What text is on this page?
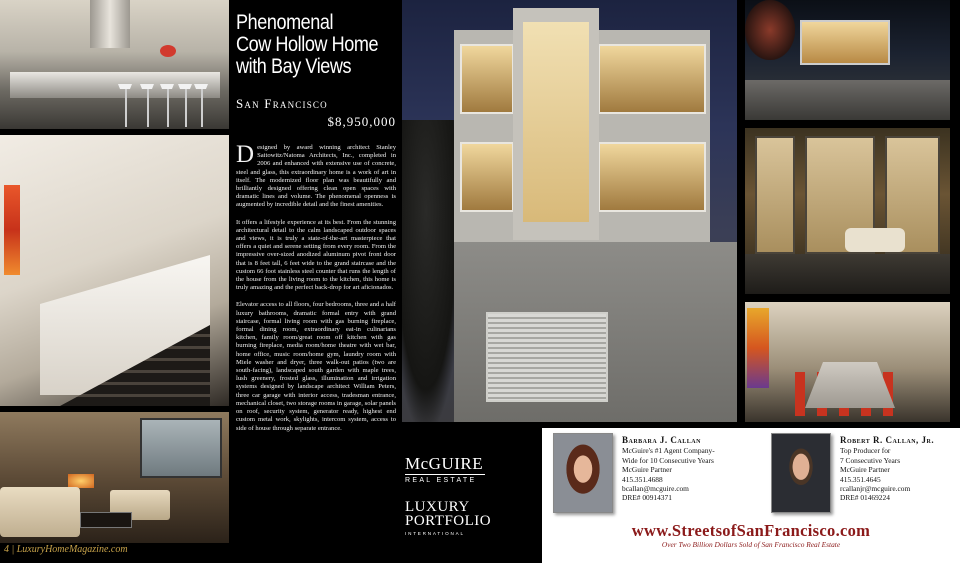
4 | LuxuryHomeMagazine.com
Phenomenal
Cow Hollow Home
with Bay Views
San Francisco
$8,950,000

Designed by award winning architect Stanley Saitowitz/Natoma Architects, Inc., completed in 2006 and enhanced with extensive use of concrete, steel and glass, this extraordinary home is a work of art in itself. The modernized floor plan was beautifully and brilliantly designed offering clean open spaces with dramatic lines and volume. The phenomenal openness is augmented by incredible detail and the finest amenities.

It offers a lifestyle experience at its best. From the stunning architectural detail to the calm landscaped outdoor spaces and views, it is truly a state-of-the-art masterpiece that offers a quiet and serene setting from every room. From the impressive over-sized anodized aluminum pivot front door that is 8 feet tall, 6 feet wide to the grand staircase and the custom 66 foot stainless steel counter that runs the length of the house from the living room to the kitchen, this home is truly amazing and the perfect back-drop for art aficionados.

Elevator access to all floors, four bedrooms, three and a half luxury bathrooms, dramatic formal entry with grand staircase, formal living room with gas burning fireplace, formal dining room, extraordinary eat-in culinarians kitchen, family room/great room off kitchen with gas burning fireplace, media room/home theatre with wet bar, home office, music room/home gym, laundry room with Miele washer and dryer, three walk-out patios (two are south-facing), landscaped south garden with maple trees, lush greenery, frosted glass, illumination and irrigation systems designed by landscape architect William Peters, three car garage with interior access, tradesman entrance, mechanical closet, two storage rooms in garage, solar panels on roof, security system, generator ready, highest end custom metal work, skylights, intercom system, access to side of house through separate entrance.

McGUIRE
REAL ESTATE
LUXURY
PORTFOLIO
INTERNATIONAL
Barbara J. Callan
McGuire's #1 Agent Company-
Wide for 10 Consecutive Years
McGuire Partner
415.351.4688
bcallan@mcguire.com
DRE# 00914371
Robert R. Callan, Jr.
Top Producer for
7 Consecutive Years
McGuire Partner
415.351.4645
rcallanjr@mcguire.com
DRE# 01469224
www.StreetsofSanFrancisco.com
Over Two Billion Dollars Sold of San Francisco Real Estate
